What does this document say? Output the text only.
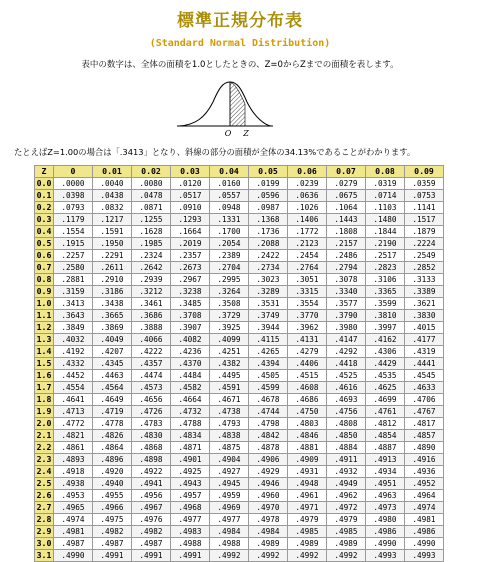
標準正規分布表
(Standard Normal Distribution)
表中の数字は、全体の面積を1.0としたときの、Z=0からZまでの面積を表します。
O Z
たとえばZ=1.00の場合は「.3413」となり、斜線の部分の面積が全体の34.13%であることがわかります。
Z	0	0.01	0.02	0.03	0.04	0.05	0.06	0.07	0.08	0.09
0.0	.0000	.0040	.0080	.0120	.0160	.0199	.0239	.0279	.0319	.0359
0.1	.0398	.0438	.0478	.0517	.0557	.0596	.0636	.0675	.0714	.0753
0.2	.0793	.0832	.0871	.0910	.0948	.0987	.1026	.1064	.1103	.1141
0.3	.1179	.1217	.1255	.1293	.1331	.1368	.1406	.1443	.1480	.1517
0.4	.1554	.1591	.1628	.1664	.1700	.1736	.1772	.1808	.1844	.1879
0.5	.1915	.1950	.1985	.2019	.2054	.2088	.2123	.2157	.2190	.2224
0.6	.2257	.2291	.2324	.2357	.2389	.2422	.2454	.2486	.2517	.2549
0.7	.2580	.2611	.2642	.2673	.2704	.2734	.2764	.2794	.2823	.2852
0.8	.2881	.2910	.2939	.2967	.2995	.3023	.3051	.3078	.3106	.3133
0.9	.3159	.3186	.3212	.3238	.3264	.3289	.3315	.3340	.3365	.3389
1.0	.3413	.3438	.3461	.3485	.3508	.3531	.3554	.3577	.3599	.3621
1.1	.3643	.3665	.3686	.3708	.3729	.3749	.3770	.3790	.3810	.3830
1.2	.3849	.3869	.3888	.3907	.3925	.3944	.3962	.3980	.3997	.4015
1.3	.4032	.4049	.4066	.4082	.4099	.4115	.4131	.4147	.4162	.4177
1.4	.4192	.4207	.4222	.4236	.4251	.4265	.4279	.4292	.4306	.4319
1.5	.4332	.4345	.4357	.4370	.4382	.4394	.4406	.4418	.4429	.4441
1.6	.4452	.4463	.4474	.4484	.4495	.4505	.4515	.4525	.4535	.4545
1.7	.4554	.4564	.4573	.4582	.4591	.4599	.4608	.4616	.4625	.4633
1.8	.4641	.4649	.4656	.4664	.4671	.4678	.4686	.4693	.4699	.4706
1.9	.4713	.4719	.4726	.4732	.4738	.4744	.4750	.4756	.4761	.4767
2.0	.4772	.4778	.4783	.4788	.4793	.4798	.4803	.4808	.4812	.4817
2.1	.4821	.4826	.4830	.4834	.4838	.4842	.4846	.4850	.4854	.4857
2.2	.4861	.4864	.4868	.4871	.4875	.4878	.4881	.4884	.4887	.4890
2.3	.4893	.4896	.4898	.4901	.4904	.4906	.4909	.4911	.4913	.4916
2.4	.4918	.4920	.4922	.4925	.4927	.4929	.4931	.4932	.4934	.4936
2.5	.4938	.4940	.4941	.4943	.4945	.4946	.4948	.4949	.4951	.4952
2.6	.4953	.4955	.4956	.4957	.4959	.4960	.4961	.4962	.4963	.4964
2.7	.4965	.4966	.4967	.4968	.4969	.4970	.4971	.4972	.4973	.4974
2.8	.4974	.4975	.4976	.4977	.4977	.4978	.4979	.4979	.4980	.4981
2.9	.4981	.4982	.4982	.4983	.4984	.4984	.4985	.4985	.4986	.4986
3.0	.4987	.4987	.4987	.4988	.4988	.4989	.4989	.4989	.4990	.4990
3.1	.4990	.4991	.4991	.4991	.4992	.4992	.4992	.4992	.4993	.4993
